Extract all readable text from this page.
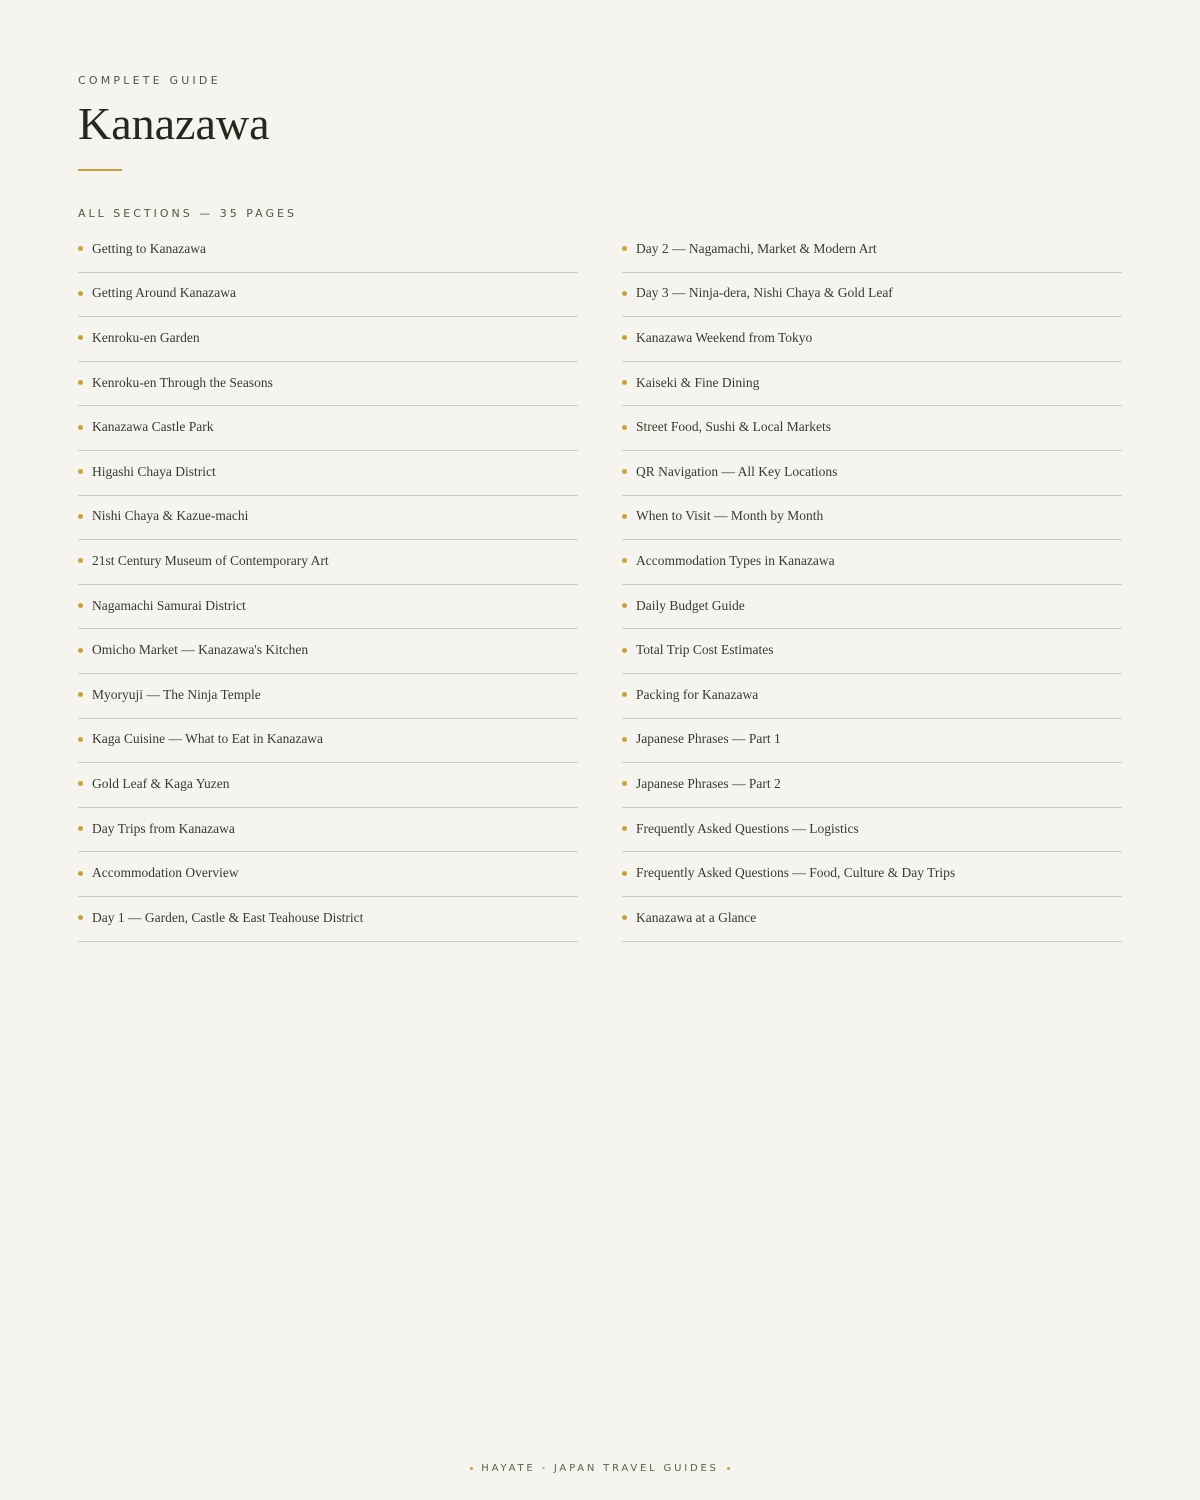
COMPLETE GUIDE
Kanazawa
ALL SECTIONS — 35 PAGES
Getting to Kanazawa
Getting Around Kanazawa
Kenroku-en Garden
Kenroku-en Through the Seasons
Kanazawa Castle Park
Higashi Chaya District
Nishi Chaya & Kazue-machi
21st Century Museum of Contemporary Art
Nagamachi Samurai District
Omicho Market — Kanazawa's Kitchen
Myoryuji — The Ninja Temple
Kaga Cuisine — What to Eat in Kanazawa
Gold Leaf & Kaga Yuzen
Day Trips from Kanazawa
Accommodation Overview
Day 1 — Garden, Castle & East Teahouse District
Day 2 — Nagamachi, Market & Modern Art
Day 3 — Ninja-dera, Nishi Chaya & Gold Leaf
Kanazawa Weekend from Tokyo
Kaiseki & Fine Dining
Street Food, Sushi & Local Markets
QR Navigation — All Key Locations
When to Visit — Month by Month
Accommodation Types in Kanazawa
Daily Budget Guide
Total Trip Cost Estimates
Packing for Kanazawa
Japanese Phrases — Part 1
Japanese Phrases — Part 2
Frequently Asked Questions — Logistics
Frequently Asked Questions — Food, Culture & Day Trips
Kanazawa at a Glance
HAYATE - JAPAN TRAVEL GUIDES
